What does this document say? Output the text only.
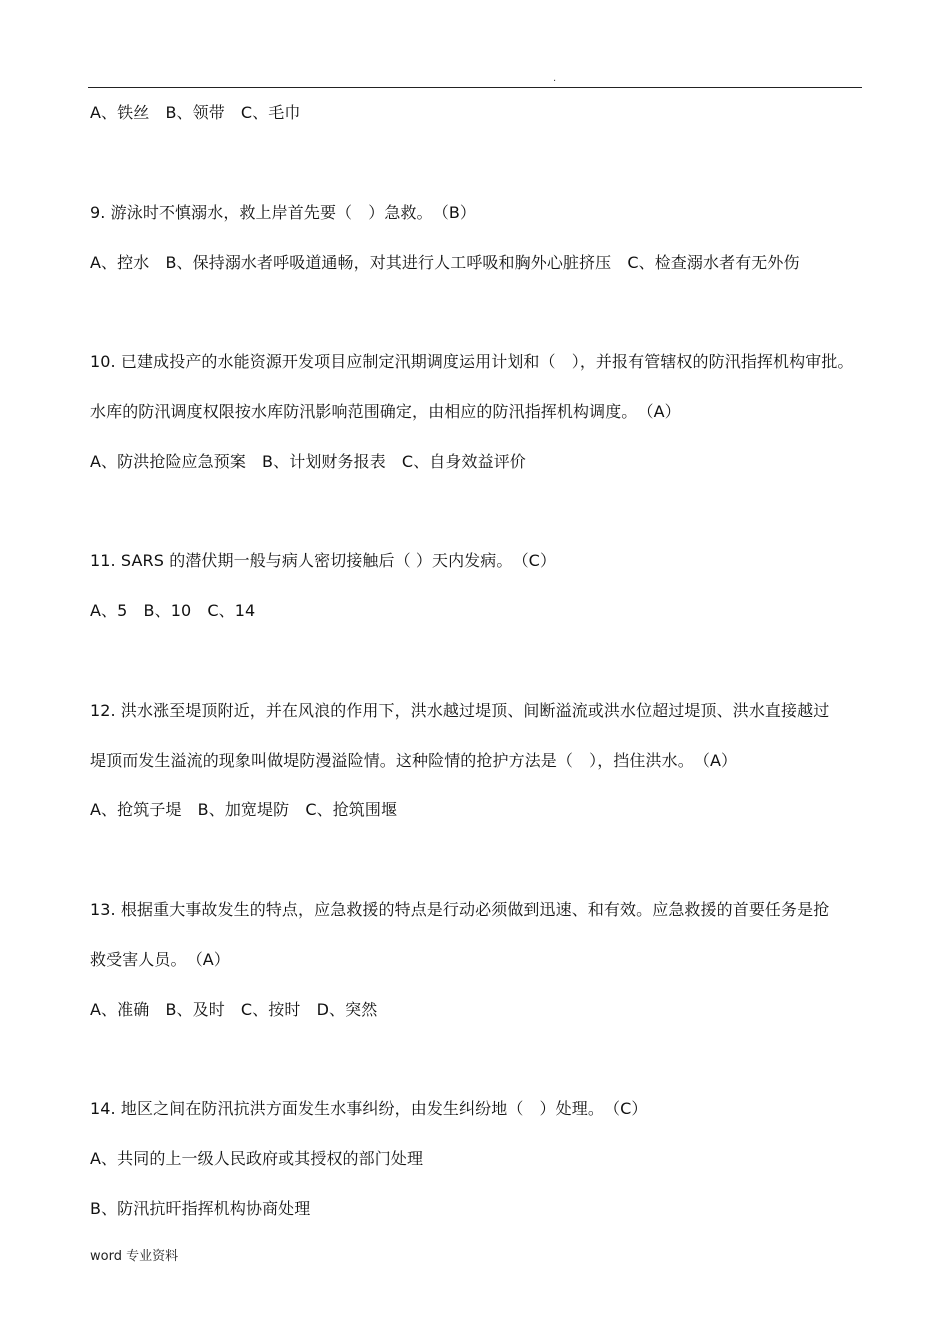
.
A、铁丝　B、领带　C、毛巾
9. 游泳时不慎溺水，救上岸首先要（　）急救。　（B）
A、控水　B、保持溺水者呼吸道通畅，对其进行人工呼吸和胸外心脏挤压　C、检查溺水者有无外伤
10. 已建成投产的水能资源开发项目应制定汛期调度运用计划和（　），并报有管辖权的防汛指挥机构审批。
水库的防汛调度权限按水库防汛影响范围确定，由相应的防汛指挥机构调度。　（A）
A、防洪抢险应急预案　B、计划财务报表　C、自身效益评价
11. SARS 的潜伏期一般与病人密切接触后（ ）天内发病。　（C）
A、5　B、10　C、14
12. 洪水涨至堤顶附近，并在风浪的作用下，洪水越过堤顶、间断溢流或洪水位超过堤顶、洪水直接越过
堤顶而发生溢流的现象叫做堤防漫溢险情。这种险情的抢护方法是（　），挡住洪水。　（A）
A、抢筑子堤　B、加宽堤防　C、抢筑围堰
13. 根据重大事故发生的特点，应急救援的特点是行动必须做到迅速、和有效。应急救援的首要任务是抢
救受害人员。　（A）
A、准确　B、及时　C、按时　D、突然
14. 地区之间在防汛抗洪方面发生水事纠纷，由发生纠纷地（　）处理。　（C）
A、共同的上一级人民政府或其授权的部门处理
B、防汛抗旰指挥机构协商处理
word 专业资料
